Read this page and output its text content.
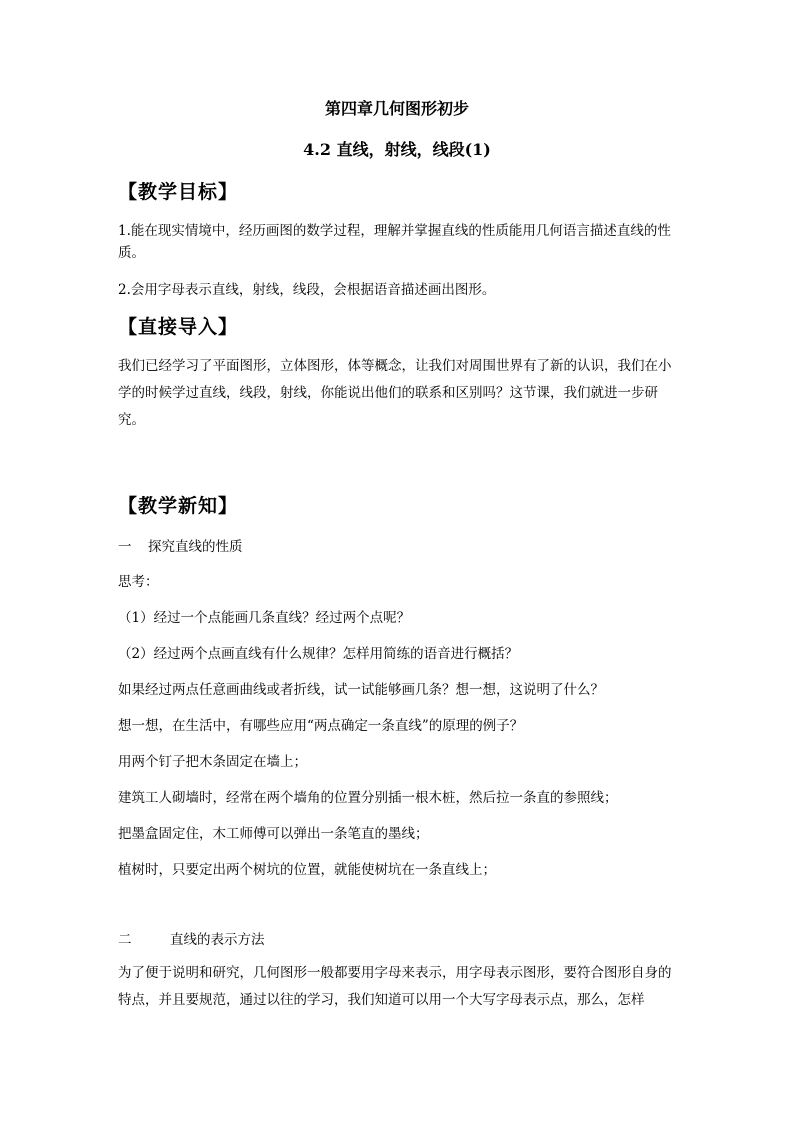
第四章几何图形初步
4.2 直线，射线，线段(1)
【教学目标】
1.能在现实情境中，经历画图的数学过程，理解并掌握直线的性质能用几何语言描述直线的性质。
2.会用字母表示直线，射线，线段，会根据语音描述画出图形。
【直接导入】
我们已经学习了平面图形，立体图形，体等概念，让我们对周围世界有了新的认识，我们在小学的时候学过直线，线段，射线，你能说出他们的联系和区别吗？这节课，我们就进一步研究。
【教学新知】
一 探究直线的性质
思考：
（1）经过一个点能画几条直线？经过两个点呢？
（2）经过两个点画直线有什么规律？怎样用简练的语音进行概括？
如果经过两点任意画曲线或者折线，试一试能够画几条？想一想，这说明了什么？
想一想，在生活中，有哪些应用“两点确定一条直线”的原理的例子？
用两个钉子把木条固定在墙上；
建筑工人砌墙时，经常在两个墙角的位置分别插一根木桩，然后拉一条直的参照线；
把墨盒固定住，木工师傅可以弹出一条笔直的墨线；
植树时，只要定出两个树坑的位置，就能使树坑在一条直线上；
二	直线的表示方法
为了便于说明和研究，几何图形一般都要用字母来表示，用字母表示图形，要符合图形自身的特点，并且要规范，通过以往的学习，我们知道可以用一个大写字母表示点，那么，怎样
